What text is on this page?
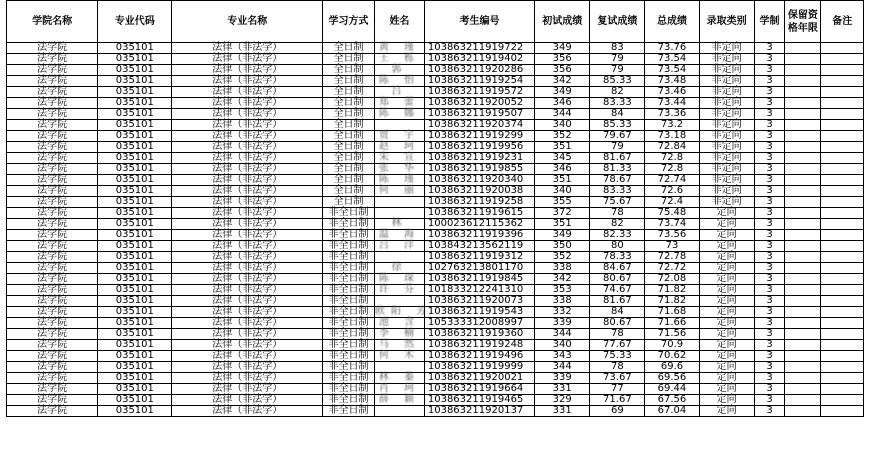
学院名称	专业代码	专业名称	学习方式	姓名	考生编号	初试成绩	复试成绩	总成绩	录取类别	学制	保留资格年限	备注
法学院	035101	法律（非法学）	全日制	黄 瑾	103863211919722	349	83	73.76	非定向	3		
法学院	035101	法律（非法学）	全日制	王 栎	103863211919402	356	79	73.54	非定向	3		
法学院	035101	法律（非法学）	全日制	郭	103863211920286	356	79	73.54	非定向	3		
法学院	035101	法律（非法学）	全日制	陈 怡	103863211919254	342	85.33	73.48	非定向	3		
法学院	035101	法律（非法学）	全日制	吕	103863211919572	349	82	73.46	非定向	3		
法学院	035101	法律（非法学）	全日制	郑 蕾	103863211920052	346	83.33	73.44	非定向	3		
法学院	035101	法律（非法学）	全日制	陈 娜	103863211919507	344	84	73.36	非定向	3		
法学院	035101	法律（非法学）	全日制		103863211920374	340	85.33	73.2	非定向	3		
法学院	035101	法律（非法学）	全日制	贾 宇	103863211919299	352	79.67	73.18	非定向	3		
法学院	035101	法律（非法学）	全日制	赵 珂	103863211919956	351	79	72.84	非定向	3		
法学院	035101	法律（非法学）	全日制	朱 宣	103863211919231	345	81.67	72.8	非定向	3		
法学院	035101	法律（非法学）	全日制	张 华	103863211919855	346	81.33	72.8	非定向	3		
法学院	035101	法律（非法学）	全日制	陈 瑾	103863211920340	351	78.67	72.74	非定向	3		
法学院	035101	法律（非法学）	全日制	何 丽	103863211920038	340	83.33	72.6	非定向	3		
法学院	035101	法律（非法学）	全日制		103863211919258	355	75.67	72.4	非定向	3		
法学院	035101	法律（非法学）	非全日制		103863211919615	372	78	75.48	定向	3		
法学院	035101	法律（非法学）	非全日制	林	100023612115362	351	82	73.74	定向	3		
法学院	035101	法律（非法学）	非全日制	温 海	103863211919396	349	82.33	73.56	定向	3		
法学院	035101	法律（非法学）	非全日制	吕 洋	103843213562119	350	80	73	定向	3		
法学院	035101	法律（非法学）	非全日制		103863211919312	352	78.33	72.78	定向	3		
法学院	035101	法律（非法学）	非全日制	徐	102763213801170	338	84.67	72.72	定向	3		
法学院	035101	法律（非法学）	非全日制	陈 琛	103863211919845	342	80.67	72.08	定向	3		
法学院	035101	法律（非法学）	非全日制	许 芬	101833212241310	353	74.67	71.82	定向	3		
法学院	035101	法律（非法学）	非全日制		103863211920073	338	81.67	71.82	定向	3		
法学院	035101	法律（非法学）	非全日制	欧阳 芳	103863211919543	332	84	71.68	定向	3		
法学院	035101	法律（非法学）	非全日制	池 含	105333312008997	339	80.67	71.66	定向	3		
法学院	035101	法律（非法学）	非全日制	李 楠	103863211919360	344	78	71.56	定向	3		
法学院	035101	法律（非法学）	非全日制	马 然	103863211919248	340	77.67	70.9	定向	3		
法学院	035101	法律（非法学）	非全日制	何 木	103863211919496	343	75.33	70.62	定向	3		
法学院	035101	法律（非法学）	非全日制		103863211919999	344	78	69.6	定向	3		
法学院	035101	法律（非法学）	非全日制	林 蓁	103863211920021	339	73.67	69.56	定向	3		
法学院	035101	法律（非法学）	非全日制	肖 珂	103863211919664	331	77	69.44	定向	3		
法学院	035101	法律（非法学）	非全日制	薛 颖	103863211919465	329	71.67	67.56	定向	3		
法学院	035101	法律（非法学）	非全日制		103863211920137	331	69	67.04	定向	3		
